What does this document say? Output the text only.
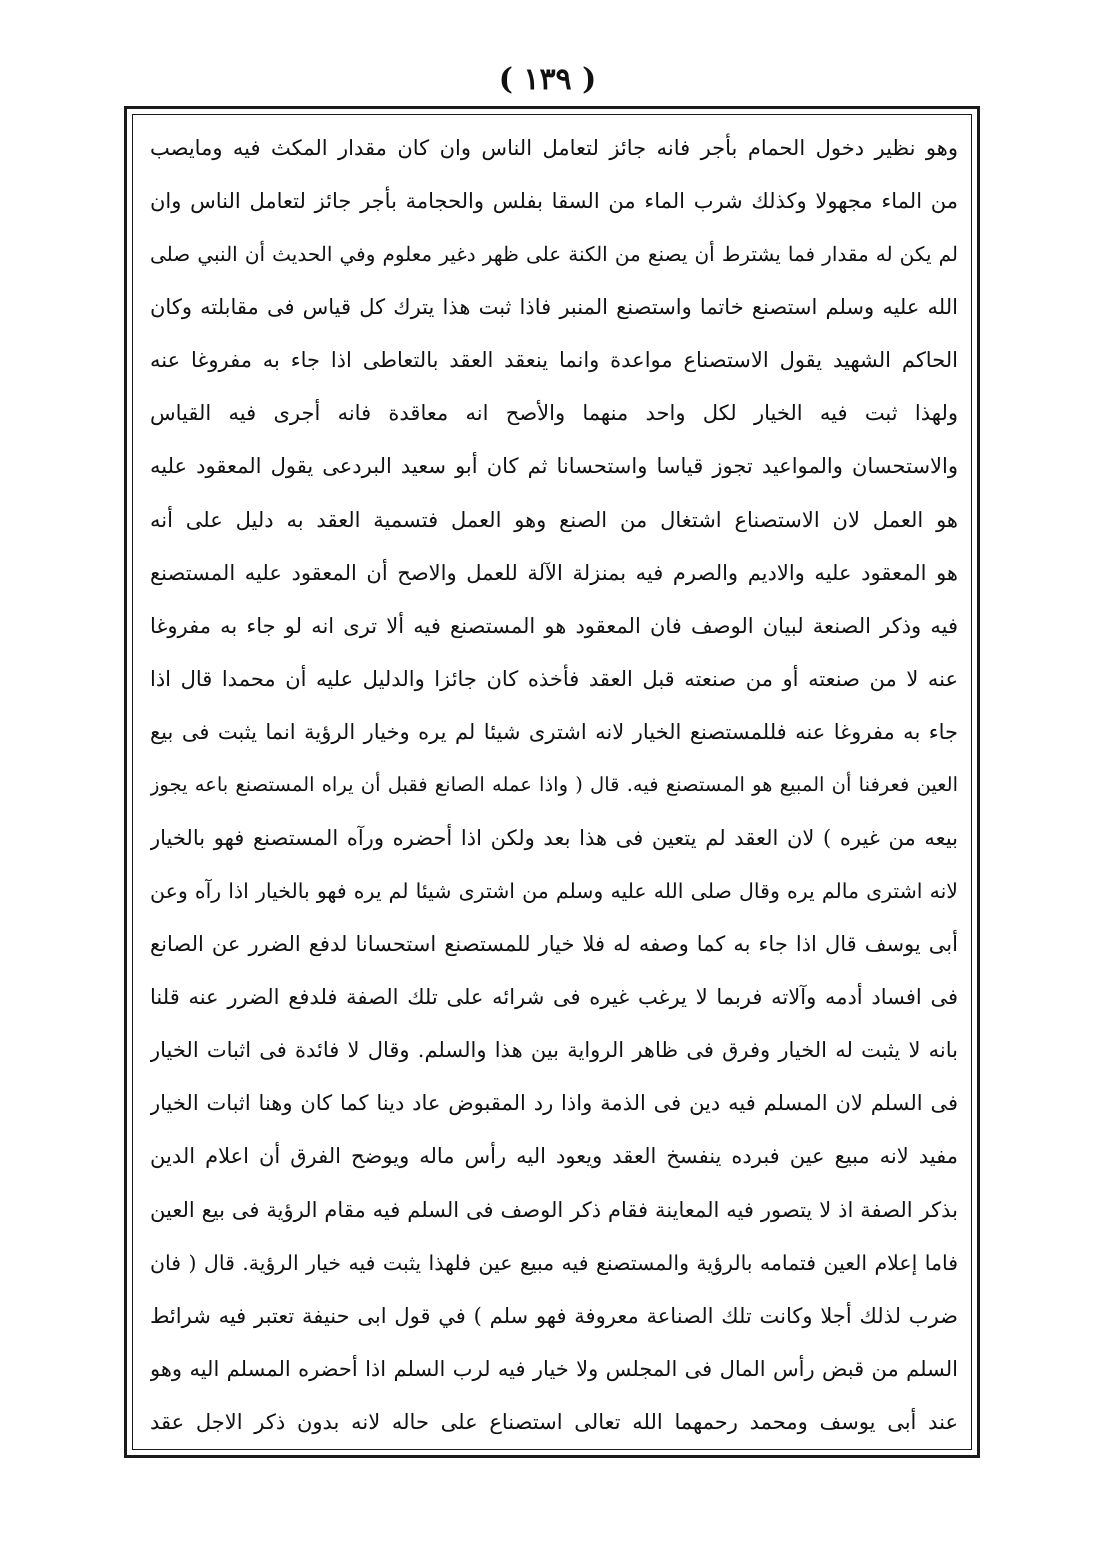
( ١٣٩ )
وهو نظير دخول الحمام بأجر فانه جائز لتعامل الناس وان كان مقدار المكث فيه ومايصب
من الماء مجهولا وكذلك شرب الماء من السقا بفلس والحجامة بأجر جائز لتعامل الناس وان
لم يكن له مقدار فما يشترط أن يصنع من الكنة على ظهر دغير معلوم وفي الحديث أن النبي صلى
الله عليه وسلم استصنع خاتما واستصنع المنبر فاذا ثبت هذا يترك كل قياس فى مقابلته وكان
الحاكم الشهيد يقول الاستصناع مواعدة وانما ينعقد العقد بالتعاطى اذا جاء به مفروغا عنه
ولهذا ثبت فيه الخيار لكل واحد منهما والأصح انه معاقدة فانه أجرى فيه القياس
والاستحسان والمواعيد تجوز قياسا واستحسانا ثم كان أبو سعيد البردعى يقول المعقود عليه
هو العمل لان الاستصناع اشتغال من الصنع وهو العمل فتسمية العقد به دليل على أنه
هو المعقود عليه والاديم والصرم فيه بمنزلة الآلة للعمل والاصح أن المعقود عليه المستصنع
فيه وذكر الصنعة لبيان الوصف فان المعقود هو المستصنع فيه ألا ترى انه لو جاء به مفروغا
عنه لا من صنعته أو من صنعته قبل العقد فأخذه كان جائزا والدليل عليه أن محمدا قال اذا
جاء به مفروغا عنه فللمستصنع الخيار لانه اشترى شيئا لم يره وخيار الرؤية انما يثبت فى بيع
العين فعرفنا أن المبيع هو المستصنع فيه. قال ( واذا عمله الصانع فقبل أن يراه المستصنع باعه يجوز
بيعه من غيره ) لان العقد لم يتعين فى هذا بعد ولكن اذا أحضره ورآه المستصنع فهو بالخيار
لانه اشترى مالم يره وقال صلى الله عليه وسلم من اشترى شيئا لم يره فهو بالخيار اذا رآه وعن
أبى يوسف قال اذا جاء به كما وصفه له فلا خيار للمستصنع استحسانا لدفع الضرر عن الصانع
فى افساد أدمه وآلاته فربما لا يرغب غيره فى شرائه على تلك الصفة فلدفع الضرر عنه قلنا
بانه لا يثبت له الخيار وفرق فى ظاهر الرواية بين هذا والسلم. وقال لا فائدة فى اثبات الخيار
فى السلم لان المسلم فيه دين فى الذمة واذا رد المقبوض عاد دينا كما كان وهنا اثبات الخيار
مفيد لانه مبيع عين فبرده ينفسخ العقد ويعود اليه رأس ماله ويوضح الفرق أن اعلام الدين
بذكر الصفة اذ لا يتصور فيه المعاينة فقام ذكر الوصف فى السلم فيه مقام الرؤية فى بيع العين
فاما إعلام العين فتمامه بالرؤية والمستصنع فيه مبيع عين فلهذا يثبت فيه خيار الرؤية. قال ( فان
ضرب لذلك أجلا وكانت تلك الصناعة معروفة فهو سلم ) في قول ابى حنيفة تعتبر فيه شرائط
السلم من قبض رأس المال فى المجلس ولا خيار فيه لرب السلم اذا أحضره المسلم اليه وهو
عند أبى يوسف ومحمد رحمهما الله تعالى استصناع على حاله لانه بدون ذكر الاجل عقد
